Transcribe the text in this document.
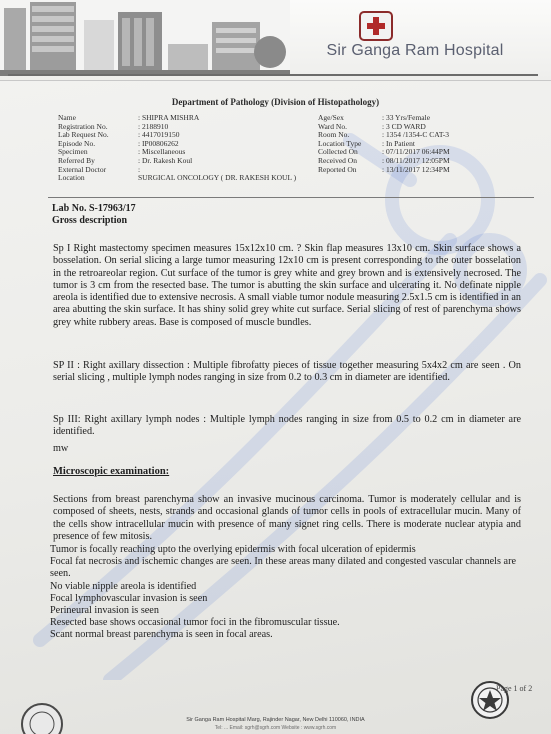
Sir Ganga Ram Hospital
Department of Pathology (Division of Histopathology)
Name
Registration No.
Lab Request No.
Episode No.
Specimen
Referred By
External Doctor
Location
: SHIPRA MISHRA
: 2188910
: 4417019150
: IP00806262
: Miscellaneous
: Dr. Rakesh Koul
:
SURGICAL ONCOLOGY ( DR. RAKESH KOUL )
Age/Sex
Ward No.
Room No.
Location Type
Collected On
Received On
Reported On
: 33 Yrs/Female
: 3 CD WARD
: 1354 /1354-C CAT-3
: In Patient
: 07/11/2017 06:44PM
: 08/11/2017 12:05PM
: 13/11/2017 12:34PM
Lab No. S-17963/17
Gross description
Sp I Right mastectomy specimen measures 15x12x10 cm. ? Skin flap measures 13x10 cm. Skin surface shows a bosselation. On serial slicing a large tumor measuring 12x10 cm is present corresponding to the outer bosselation in the retroareolar region. Cut surface of the tumor is grey white and grey brown and is extensively necrosed. The tumor is 3 cm from the resected base. The tumor is abutting the skin surface and ulcerating it. No definate nipple areola is identified due to extensive necrosis. A small viable tumor nodule measuring 2.5x1.5 cm is identified in an area abutting the skin surface. It has shiny solid grey white cut surface. Serial slicing of rest of parenchyma shows grey white rubbery areas. Base is composed of muscle bundles.
SP II : Right axillary dissection : Multiple fibrofatty pieces of tissue together measuring 5x4x2 cm are seen . On serial slicing , multiple lymph nodes ranging in size from 0.2 to 0.3 cm in diameter are identified.
Sp III: Right axillary lymph nodes : Multiple lymph nodes ranging in size from 0.5 to 0.2 cm in diameter are identified.
mw
Microscopic examination:
Sections from breast parenchyma show an invasive mucinous carcinoma. Tumor is moderately cellular and is composed of sheets, nests, strands and occasional glands of tumor cells in pools of extracellular mucin. Many of the cells show intracellular mucin with presence of many signet ring cells. There is moderate nuclear atypia and presence of few mitosis.
Tumor is focally reaching upto the overlying epidermis with focal ulceration of epidermis
Focal fat necrosis and ischemic changes are seen. In these areas many dilated and congested vascular channels are seen.
No viable nipple areola is identified
Focal lymphovascular invasion is seen
Perineural invasion is seen
Resected base shows occasional tumor foci in the fibromuscular tissue.
Scant normal breast parenchyma is seen in focal areas.
Page 1 of 2
Sir Ganga Ram Hospital Marg, Rajinder Nagar, New Delhi 110060, INDIA
Tel: ... Email: sgrh@sgrh.com Website : www.sgrh.com
